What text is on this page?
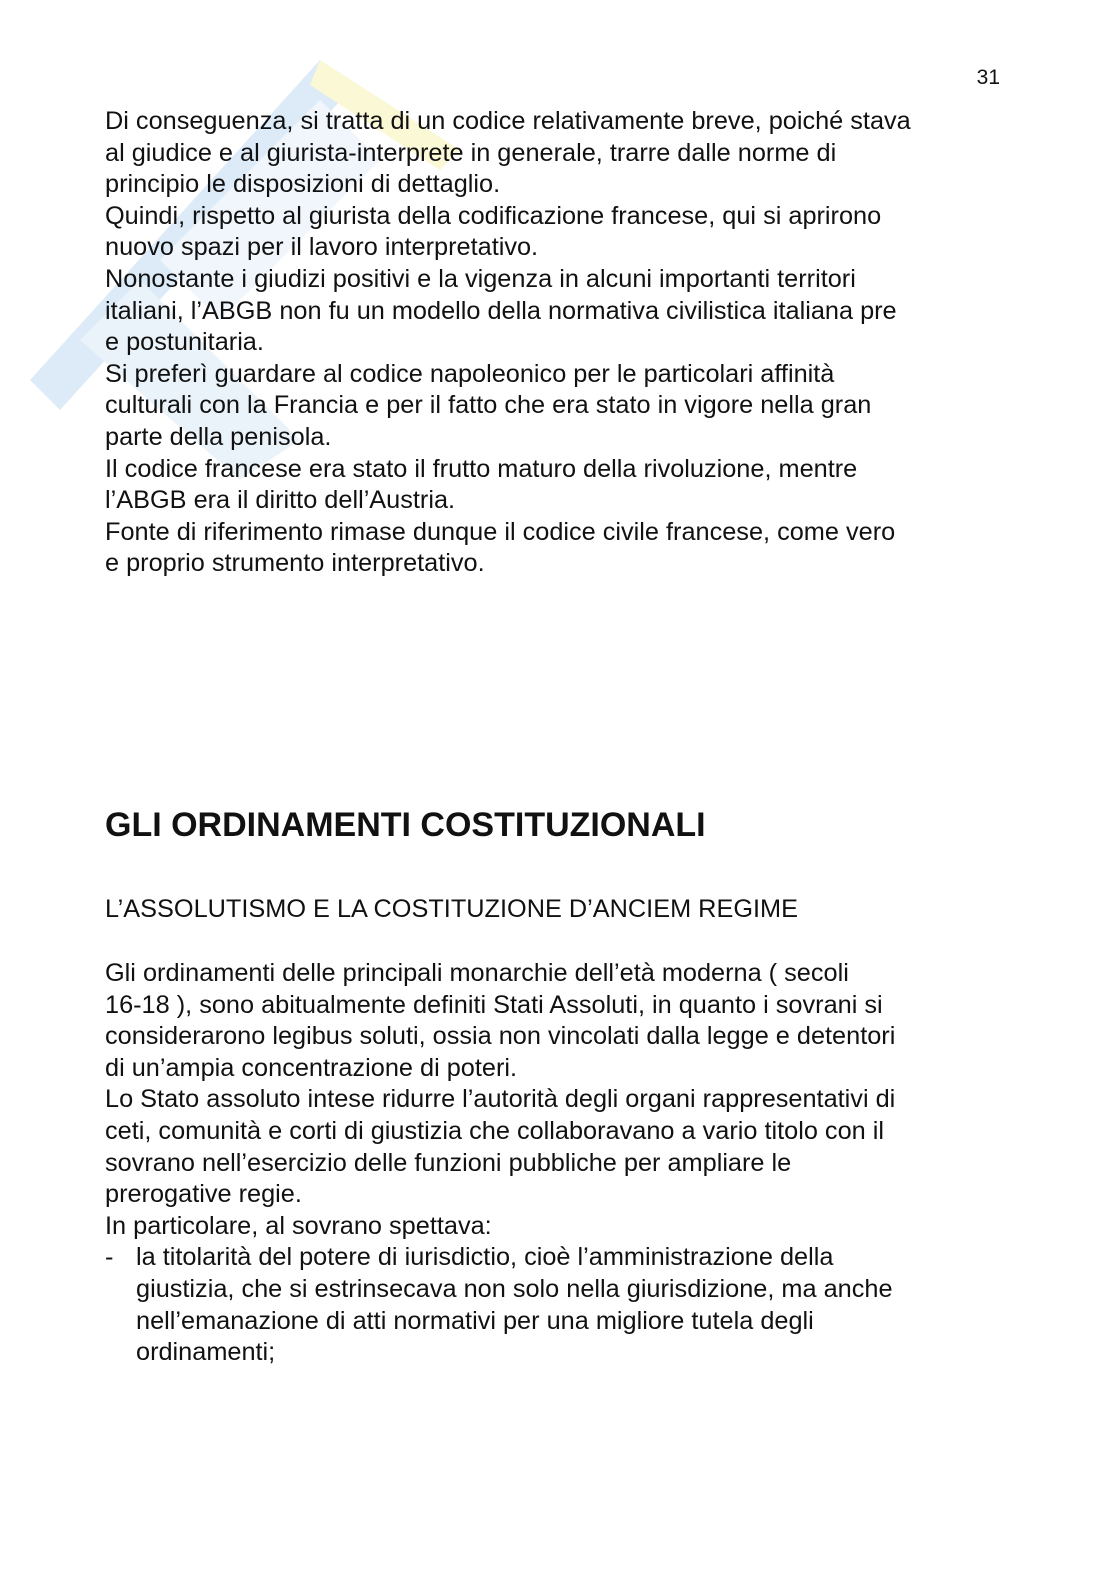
31
Di conseguenza, si tratta di un codice relativamente breve, poiché stava
al giudice e al giurista-interprete in generale, trarre dalle norme di
principio le disposizioni di dettaglio.
Quindi, rispetto al giurista della codificazione francese, qui si aprirono
nuovo spazi per il lavoro interpretativo.
Nonostante i giudizi positivi e la vigenza in alcuni importanti territori
italiani, l’ABGB non fu un modello della normativa civilistica italiana pre
e postunitaria.
Si preferì guardare al codice napoleonico per le particolari affinità
culturali con la Francia e per il fatto che era stato in vigore nella gran
parte della penisola.
Il codice francese era stato il frutto maturo della rivoluzione, mentre
l’ABGB era il diritto dell’Austria.
Fonte di riferimento rimase dunque il codice civile francese, come vero
e proprio strumento interpretativo.
GLI ORDINAMENTI COSTITUZIONALI
L’ASSOLUTISMO E LA COSTITUZIONE D’ANCIEM REGIME
Gli ordinamenti delle principali monarchie dell’età moderna ( secoli
16-18 ), sono abitualmente definiti Stati Assoluti, in quanto i sovrani si
considerarono legibus soluti, ossia non vincolati dalla legge e detentori
di un’ampia concentrazione di poteri.
Lo Stato assoluto intese ridurre l’autorità degli organi rappresentativi di
ceti, comunità e corti di giustizia che collaboravano a vario titolo con il
sovrano nell’esercizio delle funzioni pubbliche per ampliare le
prerogative regie.
In particolare, al sovrano spettava:
- la titolarità del potere di iurisdictio, cioè l’amministrazione della
giustizia, che si estrinsecava non solo nella giurisdizione, ma anche
nell’emanazione di atti normativi per una migliore tutela degli
ordinamenti;
